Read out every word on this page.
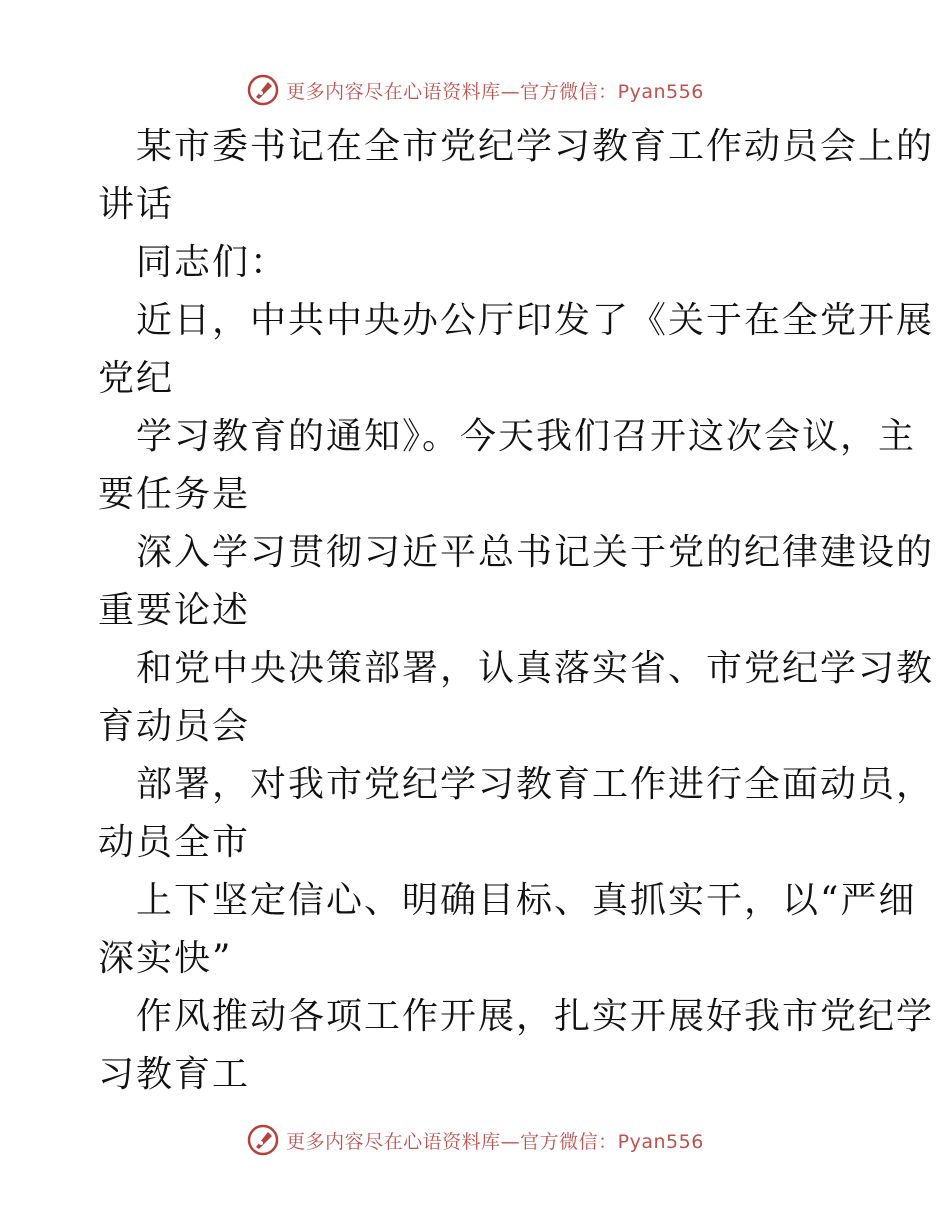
更多内容尽在心语资料库—官方微信：Pyan556
某市委书记在全市党纪学习教育工作动员会上的
讲话
同志们：
近日，中共中央办公厅印发了《关于在全党开展
党纪
学习教育的通知》。今天我们召开这次会议，主
要任务是
深入学习贯彻习近平总书记关于党的纪律建设的
重要论述
和党中央决策部署，认真落实省、市党纪学习教
育动员会
部署，对我市党纪学习教育工作进行全面动员，
动员全市
上下坚定信心、明确目标、真抓实干，以“严细
深实快”
作风推动各项工作开展，扎实开展好我市党纪学
习教育工
更多内容尽在心语资料库—官方微信：Pyan556
